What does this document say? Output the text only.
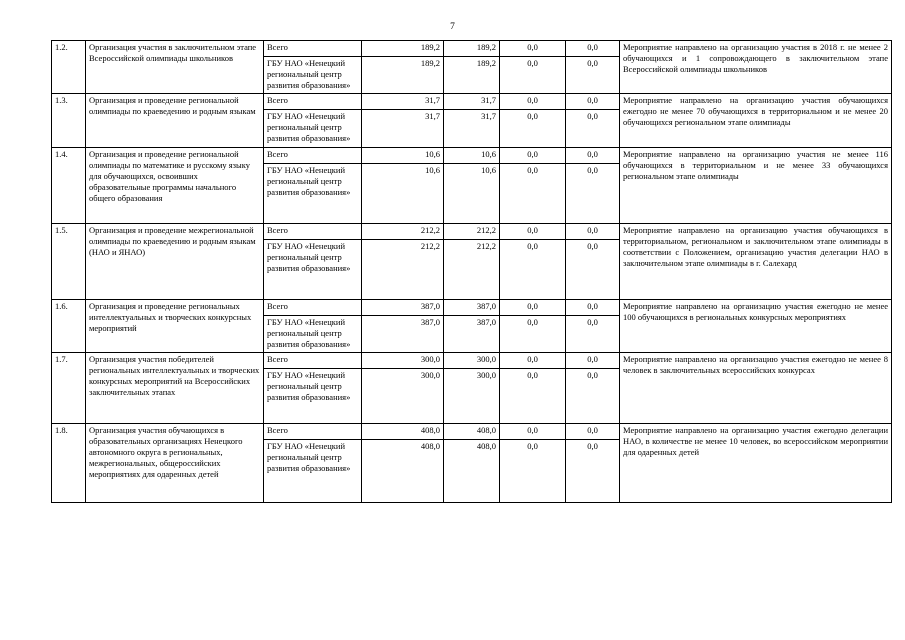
7
1.2.	Организация участия в заключительном этапе Всероссийской олимпиады школьников	Всего	189,2	189,2	0,0	0,0	Мероприятие направлено на организацию участия в 2018 г. не менее 2 обучающихся и 1 сопровождающего в заключительном этапе Всероссийской олимпиады школьников
		ГБУ НАО «Ненецкий региональный центр развития образования»	189,2	189,2	0,0	0,0	
1.3.	Организация и проведение региональной олимпиады по краеведению и родным языкам	Всего	31,7	31,7	0,0	0,0	Мероприятие направлено на организацию участия обучающихся ежегодно не менее 70 обучающихся в территориальном и не менее 20 обучающихся региональном этапе олимпиады
		ГБУ НАО «Ненецкий региональный центр развития образования»	31,7	31,7	0,0	0,0	
1.4.	Организация и проведение региональной олимпиады по математике и русскому языку для обучающихся, освоивших образовательные программы начального общего образования	Всего	10,6	10,6	0,0	0,0	Мероприятие направлено на организацию участия не менее 116 обучающихся в территориальном и не менее 33 обучающихся региональном этапе олимпиады
		ГБУ НАО «Ненецкий региональный центр развития образования»	10,6	10,6	0,0	0,0	
1.5.	Организация и проведение межрегиональной олимпиады по краеведению и родным языкам (НАО и ЯНАО)	Всего	212,2	212,2	0,0	0,0	Мероприятие направлено на организацию участия обучающихся в территориальном, региональном и заключительном этапе олимпиады в соответствии с Положением, организацию участия делегации НАО в заключительном этапе олимпиады в г. Салехард
		ГБУ НАО «Ненецкий региональный центр развития образования»	212,2	212,2	0,0	0,0	
1.6.	Организация и проведение региональных интеллектуальных и творческих конкурсных мероприятий	Всего	387,0	387,0	0,0	0,0	Мероприятие направлено на организацию участия ежегодно не менее 100 обучающихся в региональных конкурсных мероприятиях
		ГБУ НАО «Ненецкий региональный центр развития образования»	387,0	387,0	0,0	0,0	
1.7.	Организация участия победителей региональных интеллектуальных и творческих конкурсных мероприятий на Всероссийских заключительных этапах	Всего	300,0	300,0	0,0	0,0	Мероприятие направлено на организацию участия ежегодно не менее 8 человек в заключительных всероссийских конкурсах
		ГБУ НАО «Ненецкий региональный центр развития образования»	300,0	300,0	0,0	0,0	
1.8.	Организация участия обучающихся в образовательных организациях Ненецкого автономного округа в региональных, межрегиональных, общероссийских мероприятиях для одаренных детей	Всего	408,0	408,0	0,0	0,0	Мероприятие направлено на организацию участия ежегодно делегации НАО, в количестве не менее 10 человек, во всероссийском мероприятии для одаренных детей
		ГБУ НАО «Ненецкий региональный центр развития образования»	408,0	408,0	0,0	0,0	
